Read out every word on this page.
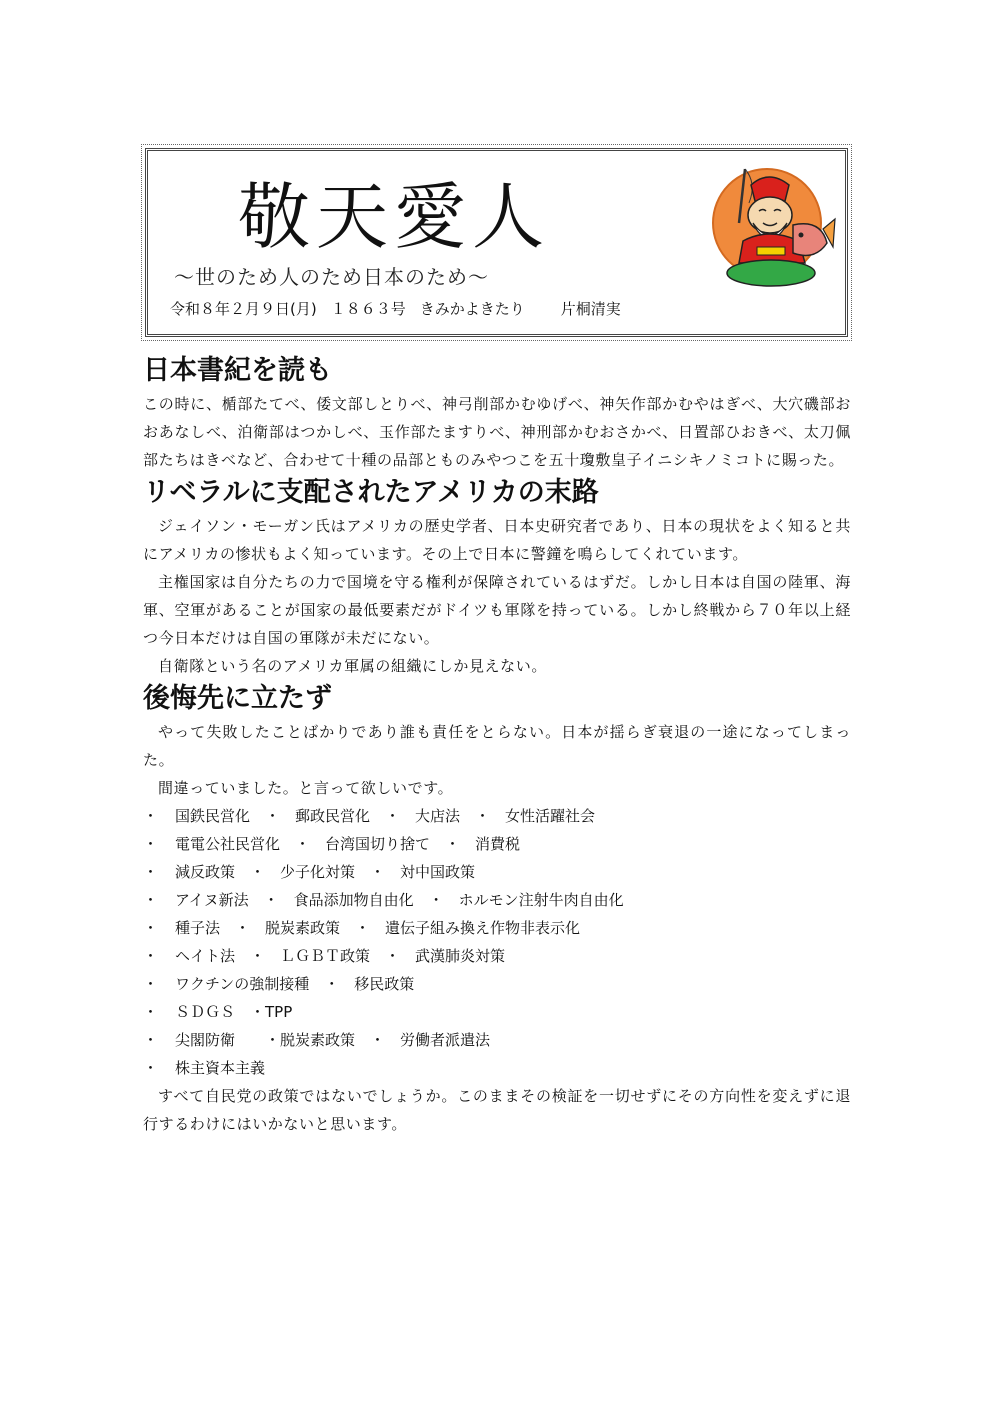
敬天愛人
〜世のため人のため日本のため〜
令和８年２月９日(月) １８６３号 きみかよきたり 片桐清実
日本書紀を読も

この時に、楯部たてべ、倭文部しとりべ、神弓削部かむゆげべ、神矢作部かむやはぎべ、大穴磯部おおあなしべ、泊衛部はつかしべ、玉作部たますりべ、神刑部かむおさかべ、日置部ひおきべ、太刀佩部たちはきべなど、合わせて十種の品部とものみやつこを五十瓊敷皇子イニシキノミコトに賜った。

リベラルに支配されたアメリカの末路

ジェイソン・モーガン氏はアメリカの歴史学者、日本史研究者であり、日本の現状をよく知ると共にアメリカの惨状もよく知っています。その上で日本に警鐘を鳴らしてくれています。

主権国家は自分たちの力で国境を守る権利が保障されているはずだ。しかし日本は自国の陸軍、海軍、空軍があることが国家の最低要素だがドイツも軍隊を持っている。しかし終戦から７０年以上経つ今日本だけは自国の軍隊が未だにない。

自衛隊という名のアメリカ軍属の組織にしか見えない。

後悔先に立たず

やって失敗したことばかりであり誰も責任をとらない。日本が揺らぎ衰退の一途になってしまった。

間違っていました。と言って欲しいです。

・ 国鉄民営化　・　郵政民営化　・　大店法　・　女性活躍社会
・ 電電公社民営化　・　台湾国切り捨て　・　消費税
・ 減反政策　・　少子化対策　・　対中国政策
・ アイヌ新法　・　食品添加物自由化　・　ホルモン注射牛肉自由化
・ 種子法　・　脱炭素政策　・　遺伝子組み換え作物非表示化
・ ヘイト法　・　ＬＧＢＴ政策　・　武漢肺炎対策
・ ワクチンの強制接種　・　移民政策
・ ＳＤＧＳ　・TPP
・ 尖閣防衛　　・脱炭素政策　・　労働者派遣法
・ 株主資本主義

すべて自民党の政策ではないでしょうか。このままその検証を一切せずにその方向性を変えずに退行するわけにはいかないと思います。
